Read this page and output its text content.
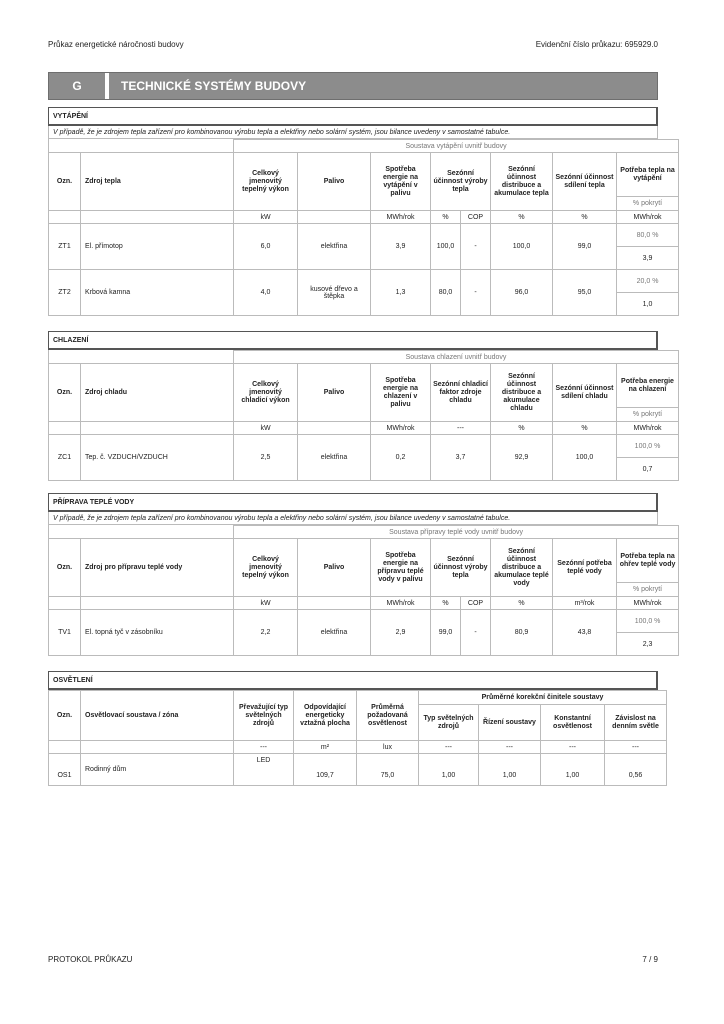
Průkaz energetické náročnosti budovy	Evidenční číslo průkazu: 695929.0
G	TECHNICKÉ SYSTÉMY BUDOVY
VYTÁPĚNÍ
V případě, že je zdrojem tepla zařízení pro kombinovanou výrobu tepla a elektřiny nebo solární systém, jsou bilance uvedeny v samostatné tabulce.
		Soustava vytápění uvnitř budovy							
Ozn.	Zdroj tepla	Celkový jmenovitý tepelný výkon	Palivo	Spotřeba energie na vytápění v palivu	Sezónní účinnost výroby tepla		Sezónní účinnost distribuce a akumulace tepla	Sezónní účinnost sdílení tepla	Potřeba tepla na vytápění
									% pokrytí
		kW		MWh/rok	%	COP	%	%	MWh/rok
ZT1	El. přímotop	6,0	elektřina	3,9	100,0	-	100,0	99,0	80,0 %
									3,9
ZT2	Krbová kamna	4,0	kusové dřevo a štěpka	1,3	80,0	-	96,0	95,0	20,0 %
									1,0
CHLAZENÍ
		Soustava chlazení uvnitř budovy						
Ozn.	Zdroj chladu	Celkový jmenovitý chladicí výkon	Palivo	Spotřeba energie na chlazení v palivu	Sezónní chladicí faktor zdroje chladu	Sezónní účinnost distribuce a akumulace chladu	Sezónní účinnost sdílení chladu	Potřeba energie na chlazení
								% pokrytí
		kW		MWh/rok	---	%	%	MWh/rok
ZC1	Tep. č. VZDUCH/VZDUCH	2,5	elektřina	0,2	3,7	92,9	100,0	100,0 %
								0,7
PŘÍPRAVA TEPLÉ VODY
V případě, že je zdrojem tepla zařízení pro kombinovanou výrobu tepla a elektřiny nebo solární systém, jsou bilance uvedeny v samostatné tabulce.
		Soustava přípravy teplé vody uvnitř budovy							
Ozn.	Zdroj pro přípravu teplé vody	Celkový jmenovitý tepelný výkon	Palivo	Spotřeba energie na přípravu teplé vody v palivu	Sezónní účinnost výroby tepla		Sezónní účinnost distribuce a akumulace teplé vody	Sezónní potřeba teplé vody	Potřeba tepla na ohřev teplé vody
									% pokrytí
		kW		MWh/rok	%	COP	%	m³/rok	MWh/rok
TV1	El. topná tyč v zásobníku	2,2	elektřina	2,9	99,0	-	80,9	43,8	100,0 %
									2,3
OSVĚTLENÍ
Ozn.	Osvětlovací soustava / zóna	Převažující typ světelných zdrojů	Odpovídající energeticky vztažná plocha	Průměrná požadovaná osvětlenost	Průměrné korekční činitele soustavy			
					Typ světelných zdrojů	Řízení soustavy	Konstantní osvětlenost	Závislost na denním světle
		---	m²	lux	---	---	---	---
OS1	Rodinný dům	LED	109,7	75,0	1,00	1,00	1,00	0,56
PROTOKOL PRŮKAZU	7 / 9
